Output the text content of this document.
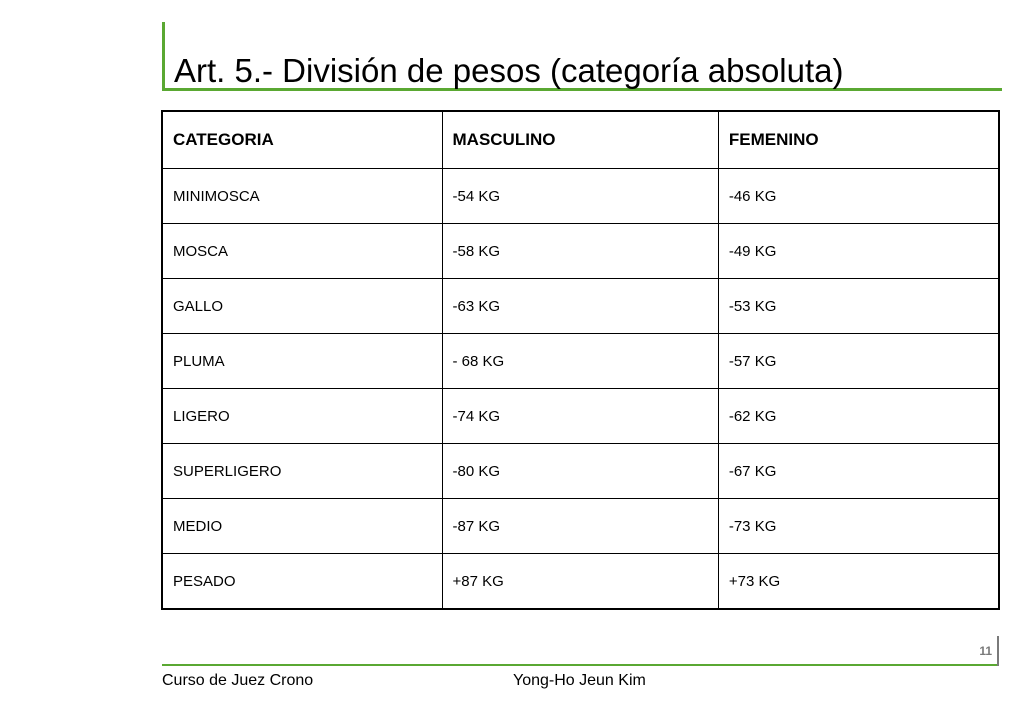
Art. 5.- División de pesos (categoría absoluta)
CATEGORIA	MASCULINO	FEMENINO
MINIMOSCA	-54 KG	-46 KG
MOSCA	-58 KG	-49 KG
GALLO	-63 KG	-53 KG
PLUMA	- 68 KG	-57 KG
LIGERO	-74 KG	-62 KG
SUPERLIGERO	-80 KG	-67 KG
MEDIO	-87 KG	-73 KG
PESADO	+87 KG	+73 KG
11
Curso de Juez Crono	Yong-Ho Jeun Kim
